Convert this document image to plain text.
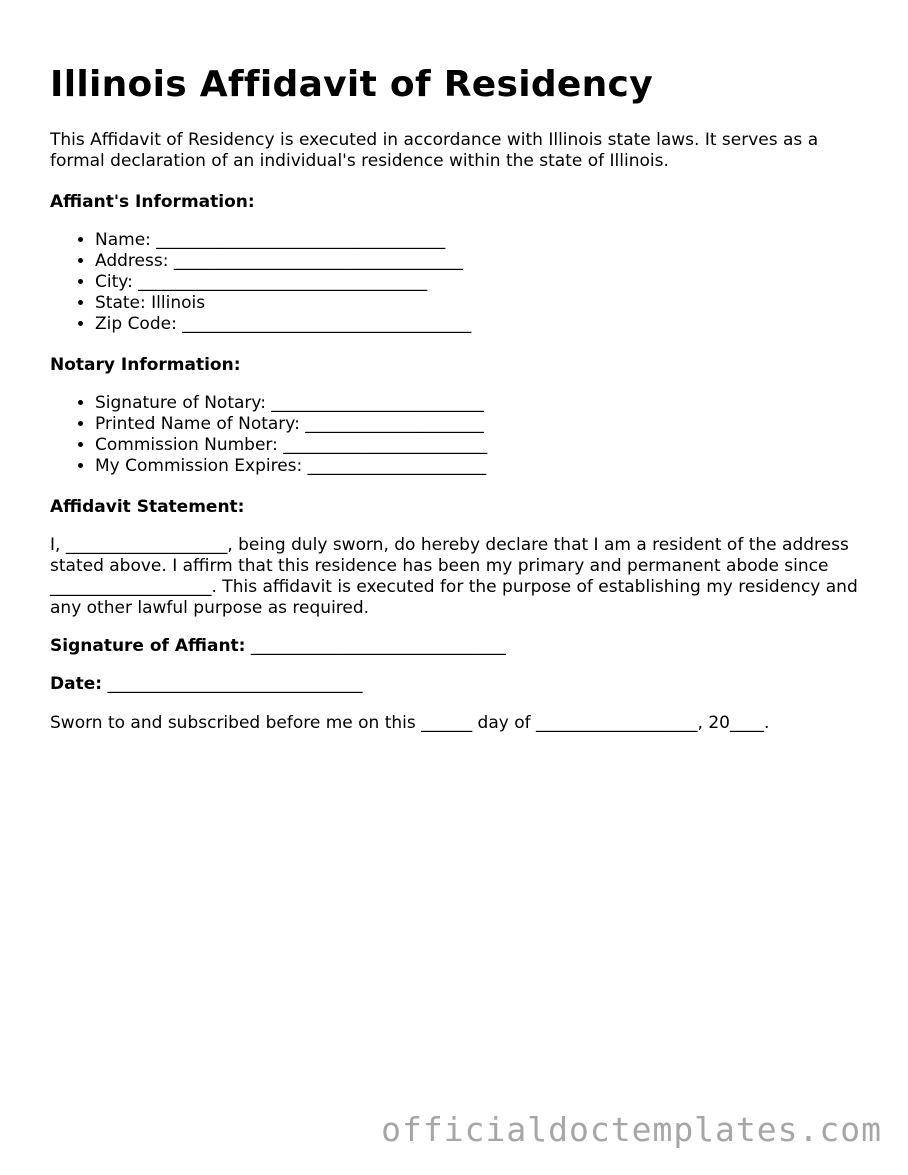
Illinois Affidavit of Residency

This Affidavit of Residency is executed in accordance with Illinois state laws. It serves as a formal declaration of an individual's residence within the state of Illinois.

Affiant's Information:

• Name: __________________________________
• Address: __________________________________
• City: __________________________________
• State: Illinois
• Zip Code: __________________________________

Notary Information:

• Signature of Notary: _________________________
• Printed Name of Notary: _____________________
• Commission Number: ________________________
• My Commission Expires: _____________________

Affidavit Statement:

I, ___________________, being duly sworn, do hereby declare that I am a resident of the address stated above. I affirm that this residence has been my primary and permanent abode since ___________________. This affidavit is executed for the purpose of establishing my residency and any other lawful purpose as required.

Signature of Affiant: ______________________________

Date: ______________________________

Sworn to and subscribed before me on this ______ day of ___________________, 20____.

officialdoctemplates.com
